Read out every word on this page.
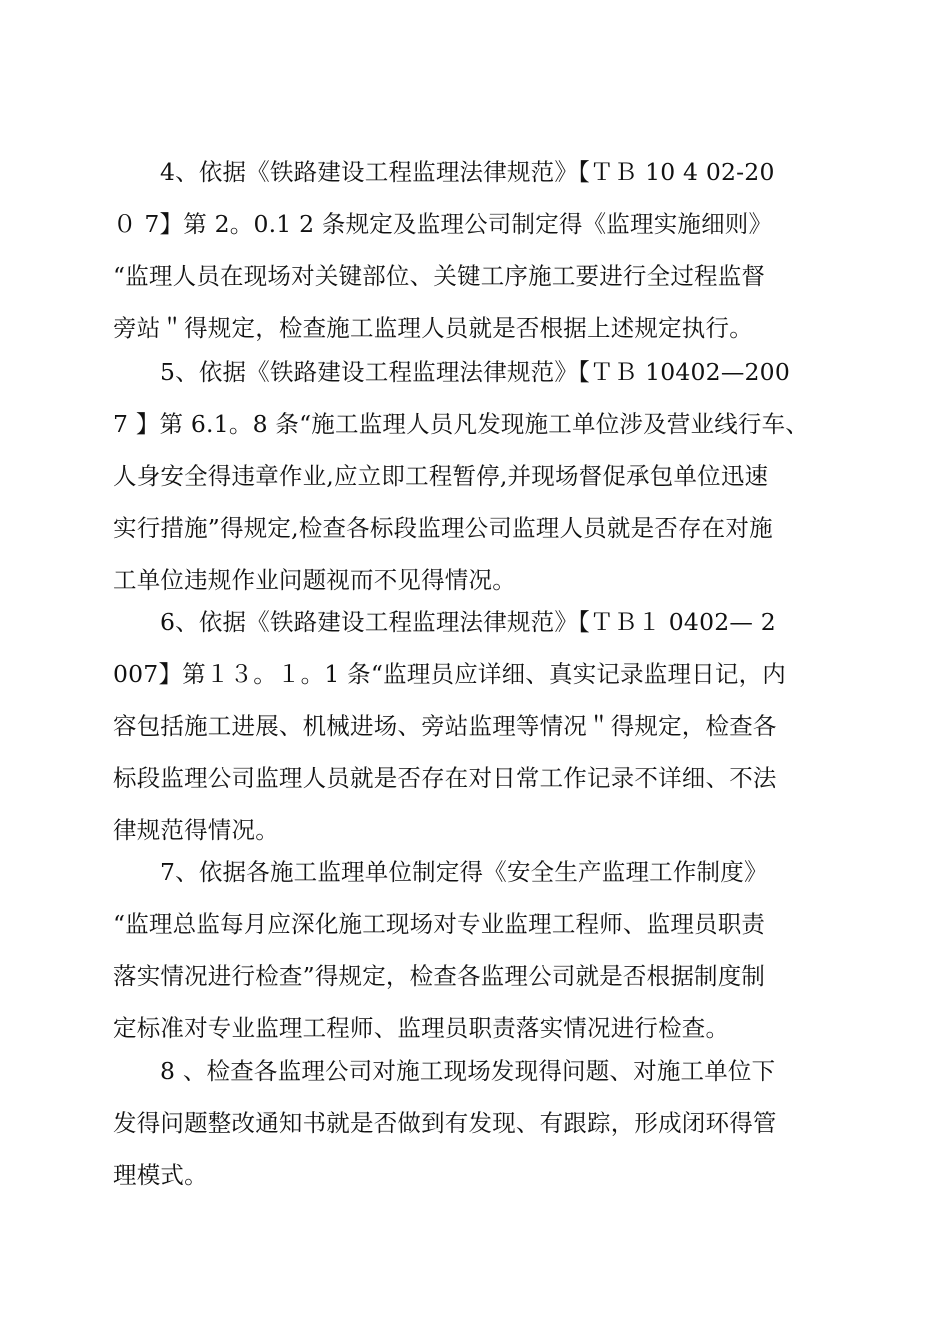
4、依据《铁路建设工程监理法律规范》【ＴＢ 10 4 02-20
０ 7】第 2。0.1 2 条规定及监理公司制定得《监理实施细则》
“监理人员在现场对关键部位、关键工序施工要进行全过程监督
旁站＂得规定，检查施工监理人员就是否根据上述规定执行。
5、依据《铁路建设工程监理法律规范》【ＴＢ 10402—200
7 】第 6.1。8 条“施工监理人员凡发现施工单位涉及营业线行车、
人身安全得违章作业,应立即工程暂停,并现场督促承包单位迅速
实行措施”得规定,检查各标段监理公司监理人员就是否存在对施
工单位违规作业问题视而不见得情况。
6、依据《铁路建设工程监理法律规范》【ＴＢ１ 0402— 2
007】第１３。１。1 条“监理员应详细、真实记录监理日记，内
容包括施工进展、机械进场、旁站监理等情况＂得规定，检查各
标段监理公司监理人员就是否存在对日常工作记录不详细、不法
律规范得情况。
7、依据各施工监理单位制定得《安全生产监理工作制度》
“监理总监每月应深化施工现场对专业监理工程师、监理员职责
落实情况进行检查”得规定，检查各监理公司就是否根据制度制
定标准对专业监理工程师、监理员职责落实情况进行检查。
8 、检查各监理公司对施工现场发现得问题、对施工单位下
发得问题整改通知书就是否做到有发现、有跟踪，形成闭环得管
理模式。
